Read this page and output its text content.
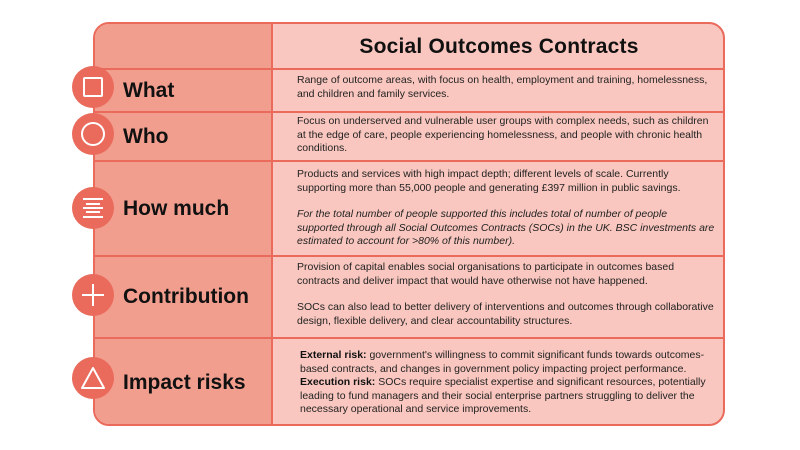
Social Outcomes Contracts
What	Range of outcome areas, with focus on health, employment and training, homelessness, and children and family services.

Who

Focus on underserved and vulnerable user groups with complex needs, such as children at the edge of care, people experiencing homelessness, and people with chronic health conditions.

How much

Products and services with high impact depth; different levels of scale. Currently supporting more than 55,000 people and generating £397 million in public savings.

For the total number of people supported this includes total of number of people supported through all Social Outcomes Contracts (SOCs) in the UK. BSC investments are estimated to account for >80% of this number).

Contribution

Provision of capital enables social organisations to participate in outcomes based contracts and deliver impact that would have otherwise not have happened.

SOCs can also lead to better delivery of interventions and outcomes through collaborative design, flexible delivery, and clear accountability structures.

Impact risks

External risk: government's willingness to commit significant funds towards outcomes-based contracts, and changes in government policy impacting project performance.

Execution risk: SOCs require specialist expertise and significant resources, potentially leading to fund managers and their social enterprise partners struggling to deliver the necessary operational and service improvements.
